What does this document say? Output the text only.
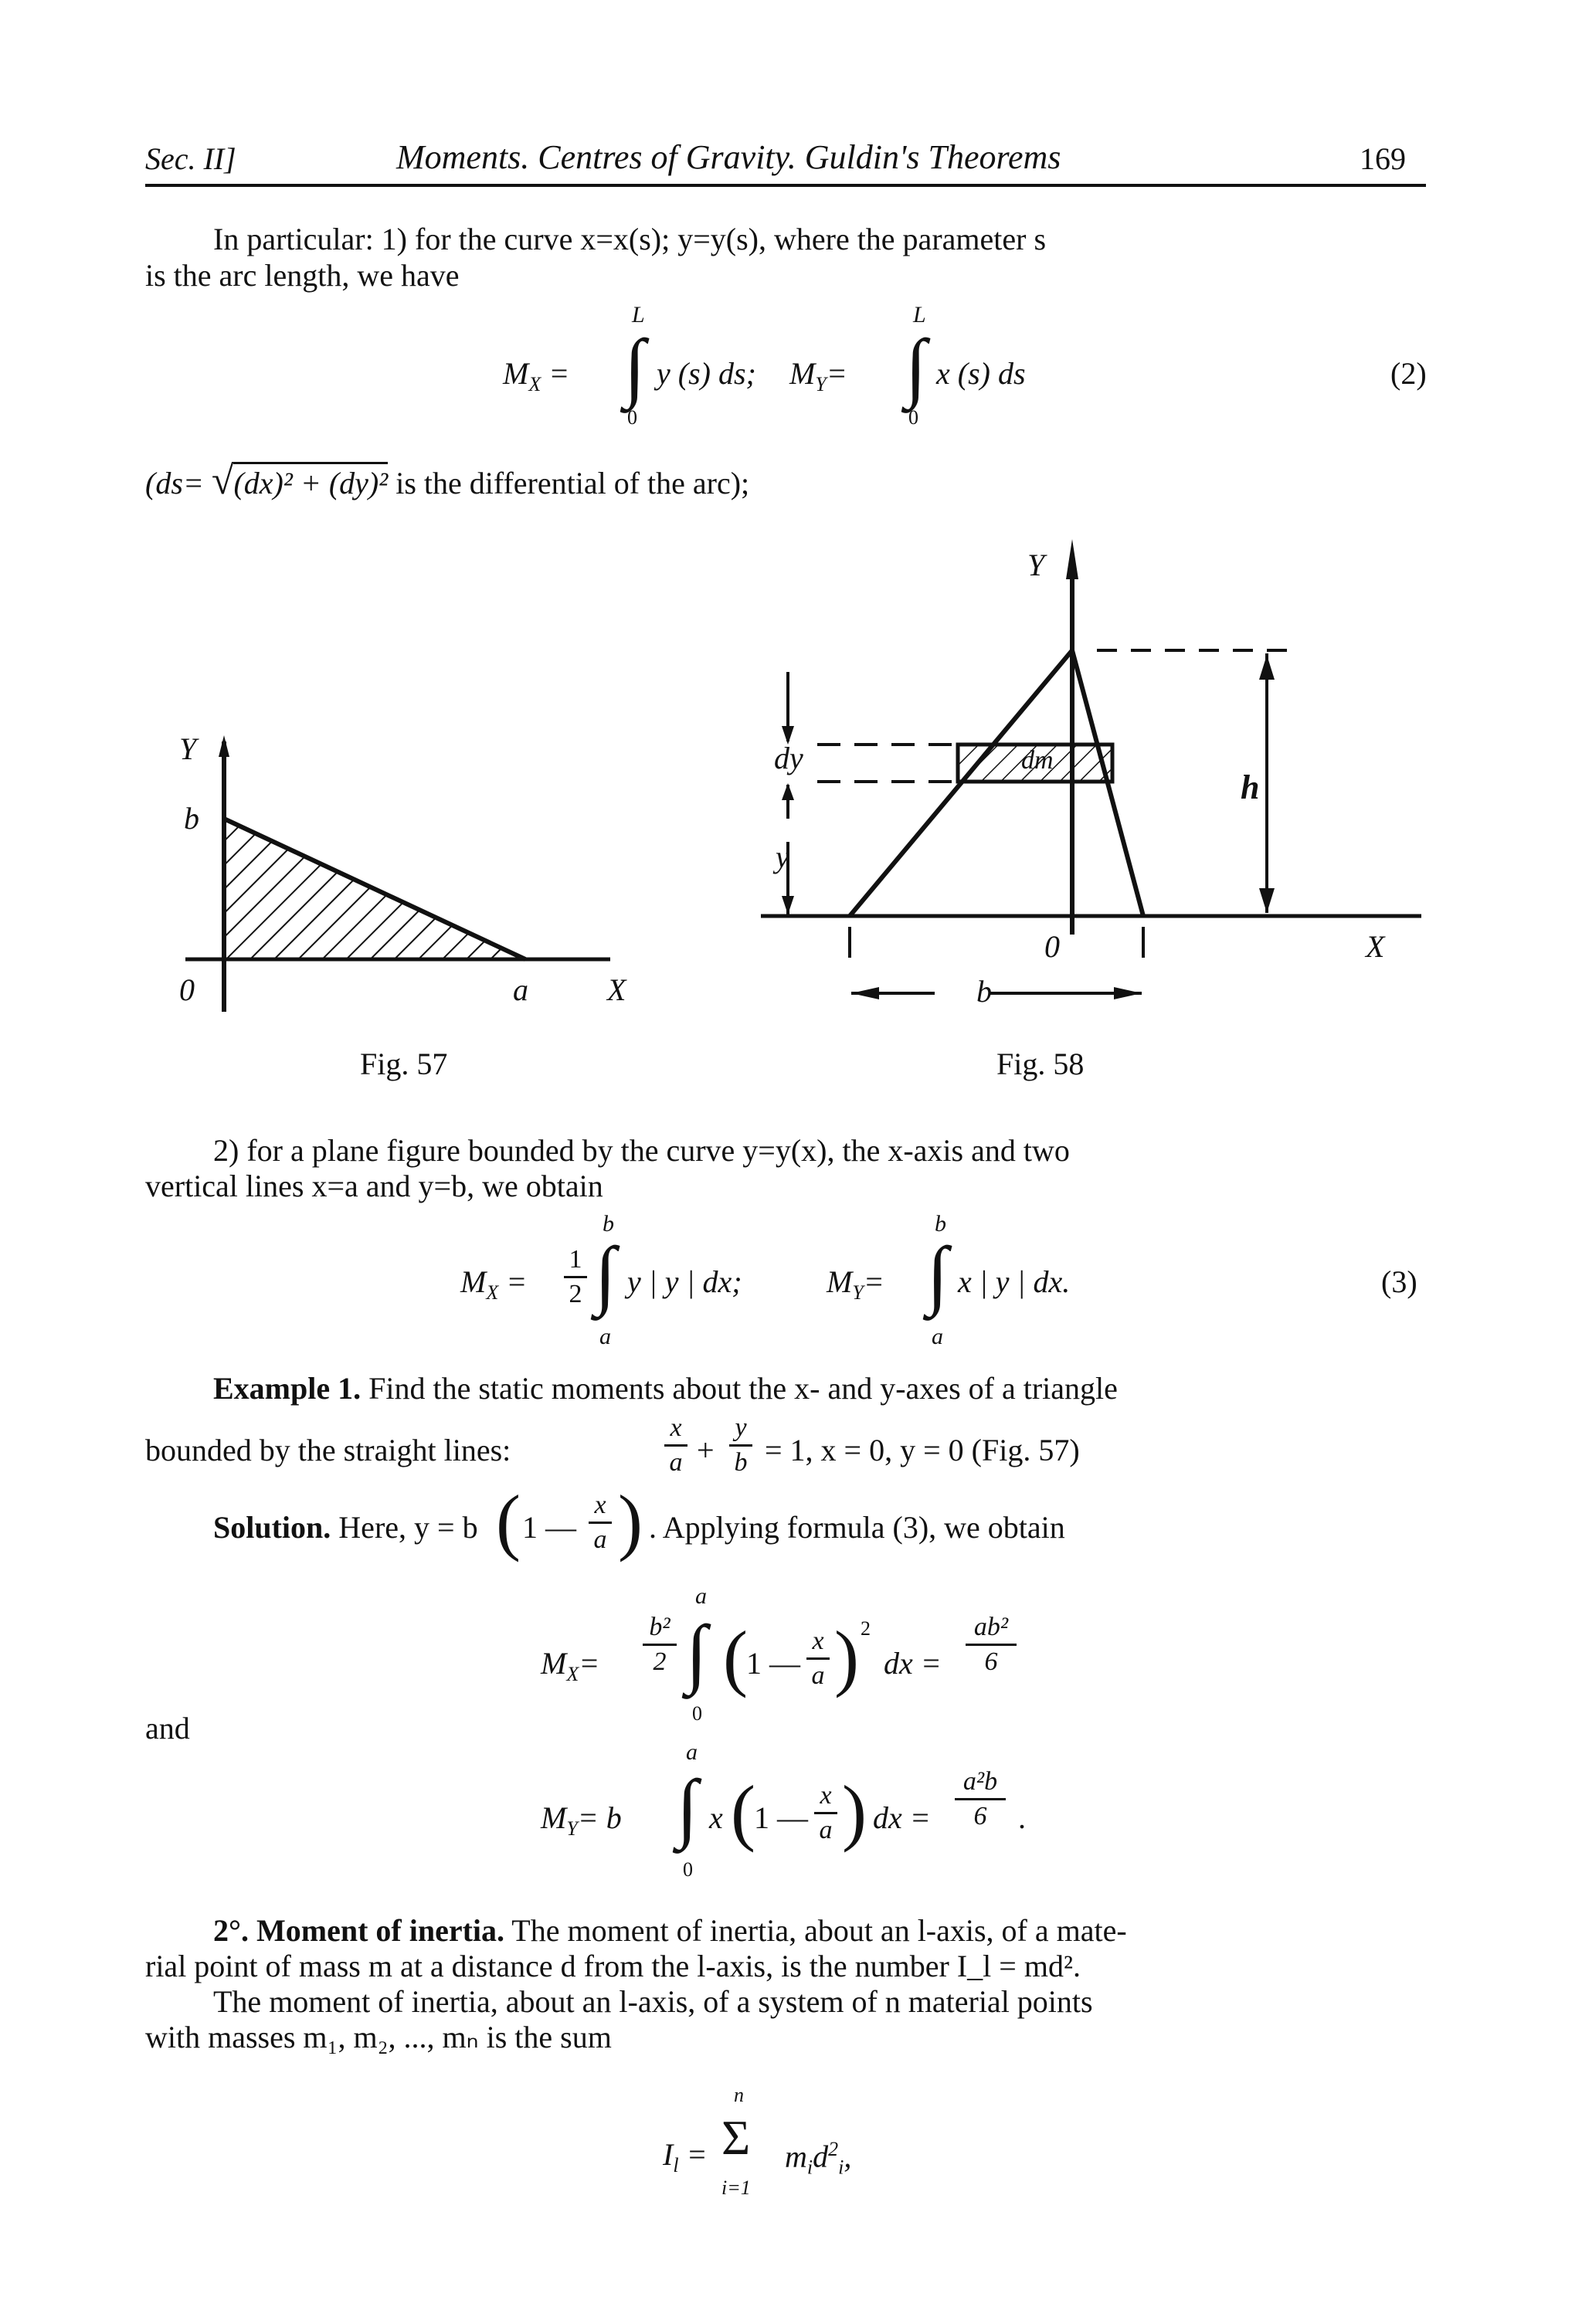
Sec. II]	Moments. Centres of Gravity. Guldin's Theorems	169
In particular: 1) for the curve x=x(s); y=y(s), where the parameter s
is the arc length, we have
$M_X$ =
L
∫
0
y (s) ds; $M_Y=$
L
∫
0
x (s) ds	(2)
(ds= √(dx)² + (dy)² is the differential of the arc);
Y
b
0	a	X
Fig. 57
Y
X
0
dm
dy
y
h
b
Fig. 58
2) for a plane figure bounded by the curve y=y(x), the x-axis and two
vertical lines x=a and y=b, we obtain
$M_X$ =
1
2
b
∫
a
y | y | dx;	$M_Y=$
b
∫
a
x | y | dx.	(3)
Example 1. Find the static moments about the x- and y-axes of a triangle
bounded by the straight lines:
x
a +
y
b = 1, x = 0, y = 0 (Fig. 57)
Solution. Here, y = b ( 1 —
x
a ) . Applying formula (3), we obtain
$M_X=$
b²
2
a
∫
0
(
1 —
x
a ) 2
dx =
ab²
6
and
$M_Y= b$
a
∫
0
x (
1 —
x
a ) dx =
a²b
6	.
2°. Moment of inertia. The moment of inertia, about an l-axis, of a mate-
rial point of mass m at a distance d from the l-axis, is the number I_l = md².
The moment of inertia, about an l-axis, of a system of n material points
with masses m₁, m₂, ..., mₙ is the sum
$I_l$ =
n
Σ
i=1
$m_id^2_i$,
